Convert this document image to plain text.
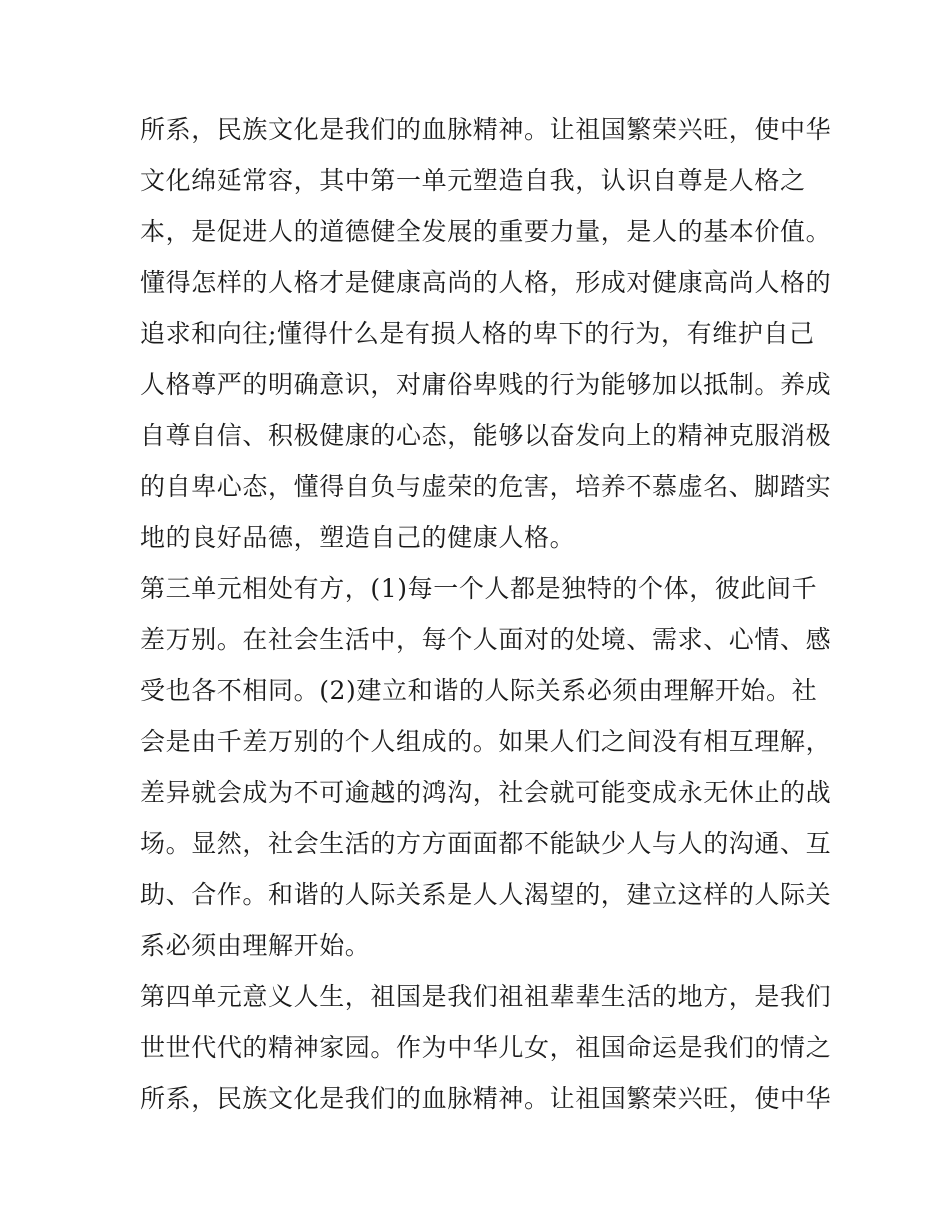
所系，民族文化是我们的血脉精神。让祖国繁荣兴旺，使中华
文化绵延常容，其中第一单元塑造自我，认识自尊是人格之
本，是促进人的道德健全发展的重要力量，是人的基本价值。
懂得怎样的人格才是健康高尚的人格，形成对健康高尚人格的
追求和向往;懂得什么是有损人格的卑下的行为，有维护自己
人格尊严的明确意识，对庸俗卑贱的行为能够加以抵制。养成
自尊自信、积极健康的心态，能够以奋发向上的精神克服消极
的自卑心态，懂得自负与虚荣的危害，培养不慕虚名、脚踏实
地的良好品德，塑造自己的健康人格。
第三单元相处有方，(1)每一个人都是独特的个体，彼此间千
差万别。在社会生活中，每个人面对的处境、需求、心情、感
受也各不相同。(2)建立和谐的人际关系必须由理解开始。社
会是由千差万别的个人组成的。如果人们之间没有相互理解，
差异就会成为不可逾越的鸿沟，社会就可能变成永无休止的战
场。显然，社会生活的方方面面都不能缺少人与人的沟通、互
助、合作。和谐的人际关系是人人渴望的，建立这样的人际关
系必须由理解开始。
第四单元意义人生，祖国是我们祖祖辈辈生活的地方，是我们
世世代代的精神家园。作为中华儿女，祖国命运是我们的情之
所系，民族文化是我们的血脉精神。让祖国繁荣兴旺，使中华
